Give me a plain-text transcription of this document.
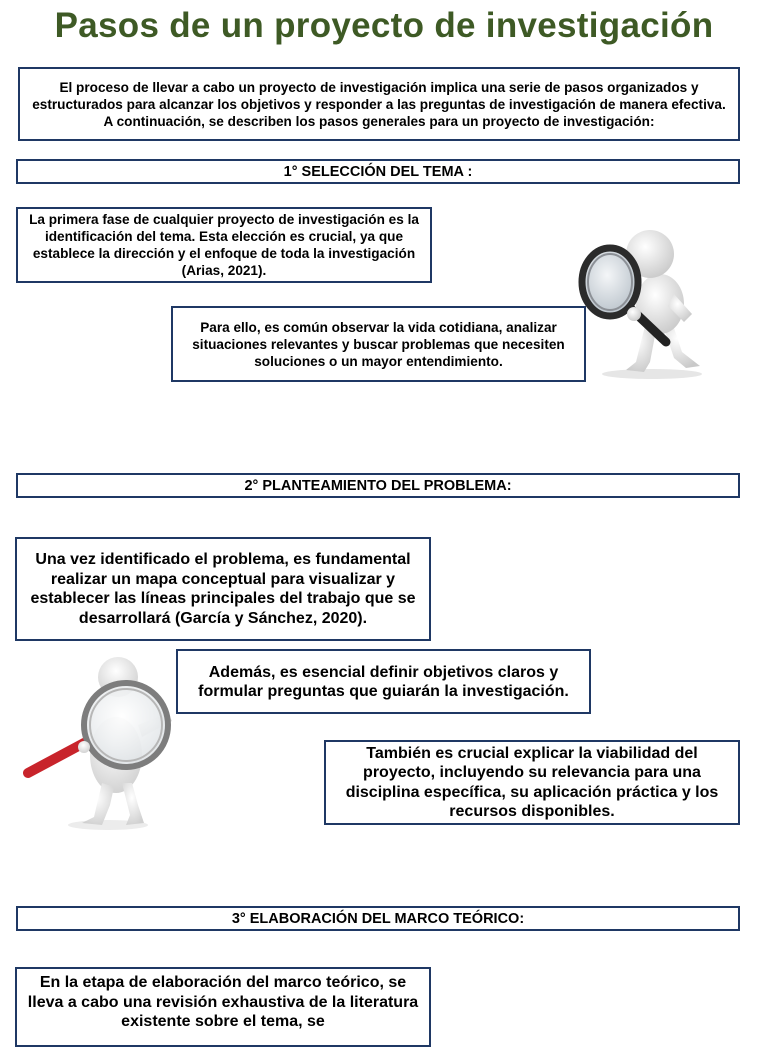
Pasos de un proyecto de investigación
El proceso de llevar a cabo un proyecto de investigación implica una serie de pasos organizados y estructurados para alcanzar los objetivos y responder a las preguntas de investigación de manera efectiva. A continuación, se describen los pasos generales para un proyecto de investigación:
1° SELECCIÓN DEL TEMA :
La primera fase de cualquier proyecto de investigación es la identificación del tema. Esta elección es crucial, ya que establece la dirección y el enfoque de toda la investigación (Arias, 2021).
Para ello, es común observar la vida cotidiana, analizar situaciones relevantes y buscar problemas que necesiten soluciones o un mayor entendimiento.
2° PLANTEAMIENTO DEL PROBLEMA:
Una vez identificado el problema, es fundamental realizar un mapa conceptual para visualizar y establecer las líneas principales del trabajo que se desarrollará (García y Sánchez, 2020).
Además, es esencial definir objetivos claros y formular preguntas que guiarán la investigación.
También es crucial explicar la viabilidad del proyecto, incluyendo su relevancia para una disciplina específica, su aplicación práctica y los recursos disponibles.
3° ELABORACIÓN DEL MARCO TEÓRICO:
En la etapa de elaboración del marco teórico, se lleva a cabo una revisión exhaustiva de la literatura existente sobre el tema, se
